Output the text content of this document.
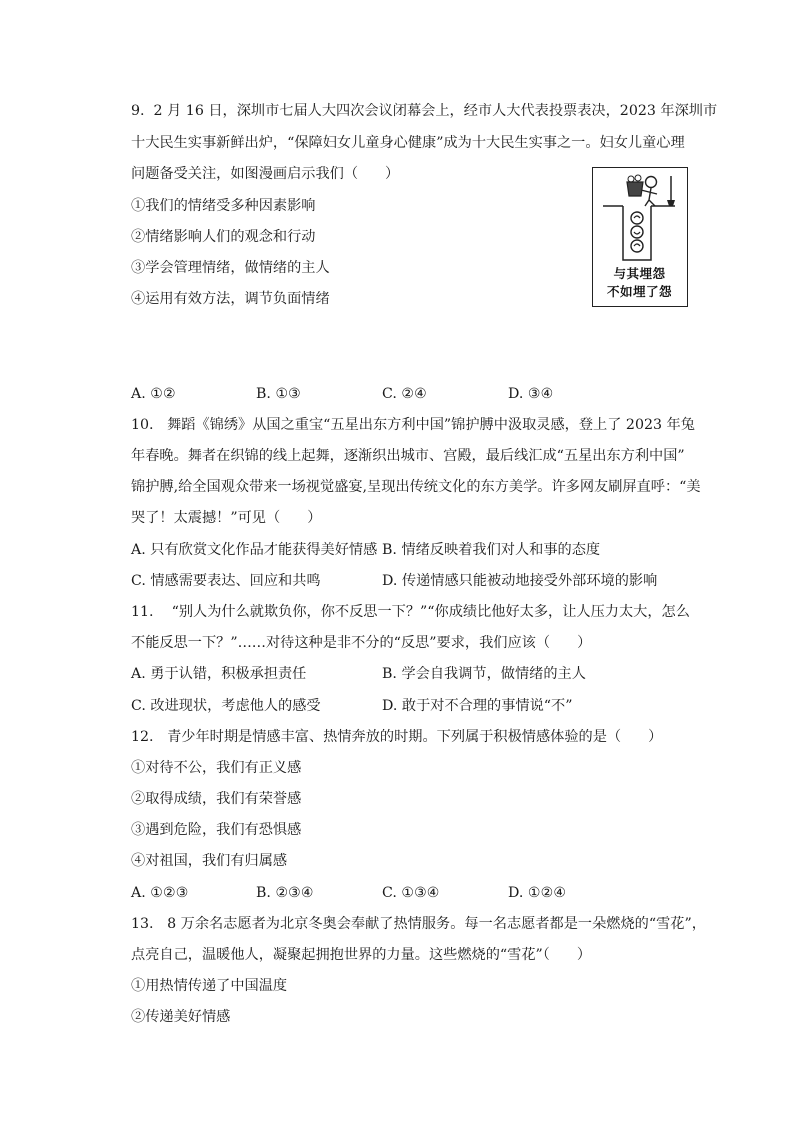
9.  2 月 16 日，深圳市七届人大四次会议闭幕会上，经市人大代表投票表决，2023 年深圳市
十大民生实事新鲜出炉，“保障妇女儿童身心健康”成为十大民生实事之一。妇女儿童心理
问题备受关注，如图漫画启示我们（      ）
①我们的情绪受多种因素影响
②情绪影响人们的观念和行动
③学会管理情绪，做情绪的主人
④运用有效方法，调节负面情绪
与其埋怨
不如埋了怨
A. ①②	B. ①③	C. ②④	D. ③④
10.   舞蹈《锦绣》从国之重宝“五星出东方利中国”锦护膊中汲取灵感，登上了 2023 年兔
年春晚。舞者在织锦的线上起舞，逐渐织出城市、宫殿，最后线汇成“五星出东方利中国”
锦护膊,给全国观众带来一场视觉盛宴,呈现出传统文化的东方美学。许多网友刷屏直呼：“美
哭了！太震撼！”可见（      ）
A. 只有欣赏文化作品才能获得美好情感 B. 情绪反映着我们对人和事的态度
C. 情感需要表达、回应和共鸣	D. 传递情感只能被动地接受外部环境的影响
11.    “别人为什么就欺负你，你不反思一下？”“你成绩比他好太多，让人压力太大，怎么
不能反思一下？”……对待这种是非不分的“反思”要求，我们应该（      ）
A. 勇于认错，积极承担责任	B. 学会自我调节，做情绪的主人
C. 改进现状，考虑他人的感受	D. 敢于对不合理的事情说“不”
12.   青少年时期是情感丰富、热情奔放的时期。下列属于积极情感体验的是（      ）
①对待不公，我们有正义感
②取得成绩，我们有荣誉感
③遇到危险，我们有恐惧感
④对祖国，我们有归属感
A. ①②③	B. ②③④	C. ①③④	D. ①②④
13.   8 万余名志愿者为北京冬奥会奉献了热情服务。每一名志愿者都是一朵燃烧的“雪花”，
点亮自己，温暖他人，凝聚起拥抱世界的力量。这些燃烧的“雪花”（      ）
①用热情传递了中国温度
②传递美好情感
